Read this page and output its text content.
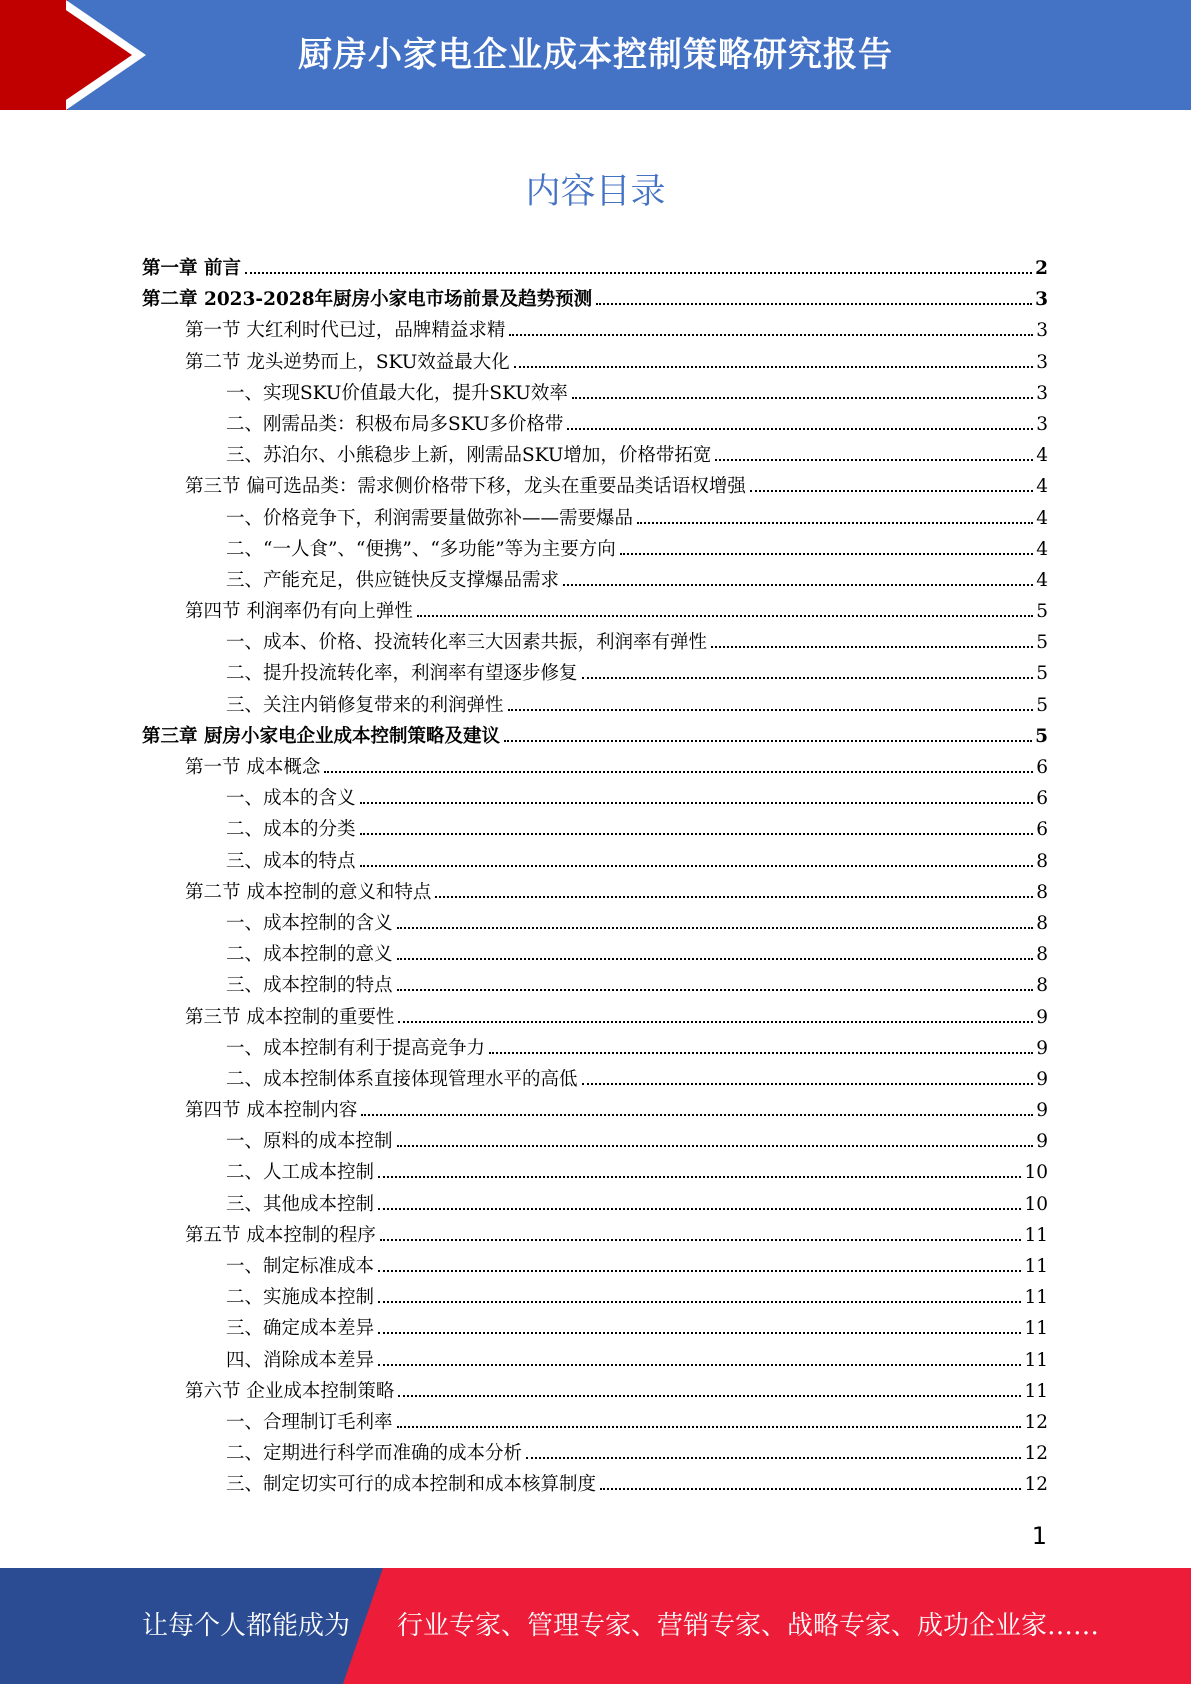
厨房小家电企业成本控制策略研究报告
内容目录
第一章 前言	2
第二章 2023-2028年厨房小家电市场前景及趋势预测	3
第一节 大红利时代已过，品牌精益求精	3
第二节 龙头逆势而上，SKU效益最大化	3
一、实现SKU价值最大化，提升SKU效率	3
二、刚需品类：积极布局多SKU多价格带	3
三、苏泊尔、小熊稳步上新，刚需品SKU增加，价格带拓宽	4
第三节 偏可选品类：需求侧价格带下移，龙头在重要品类话语权增强	4
一、价格竞争下，利润需要量做弥补——需要爆品	4
二、“一人食”、“便携”、“多功能”等为主要方向	4
三、产能充足，供应链快反支撑爆品需求	4
第四节 利润率仍有向上弹性	5
一、成本、价格、投流转化率三大因素共振，利润率有弹性	5
二、提升投流转化率，利润率有望逐步修复	5
三、关注内销修复带来的利润弹性	5
第三章 厨房小家电企业成本控制策略及建议	5
第一节 成本概念	6
一、成本的含义	6
二、成本的分类	6
三、成本的特点	8
第二节 成本控制的意义和特点	8
一、成本控制的含义	8
二、成本控制的意义	8
三、成本控制的特点	8
第三节 成本控制的重要性	9
一、成本控制有利于提高竞争力	9
二、成本控制体系直接体现管理水平的高低	9
第四节 成本控制内容	9
一、原料的成本控制	9
二、人工成本控制	10
三、其他成本控制	10
第五节 成本控制的程序	11
一、制定标准成本	11
二、实施成本控制	11
三、确定成本差异	11
四、消除成本差异	11
第六节 企业成本控制策略	11
一、合理制订毛利率	12
二、定期进行科学而准确的成本分析	12
三、制定切实可行的成本控制和成本核算制度	12
1
让每个人都能成为 行业专家、管理专家、营销专家、战略专家、成功企业家……
